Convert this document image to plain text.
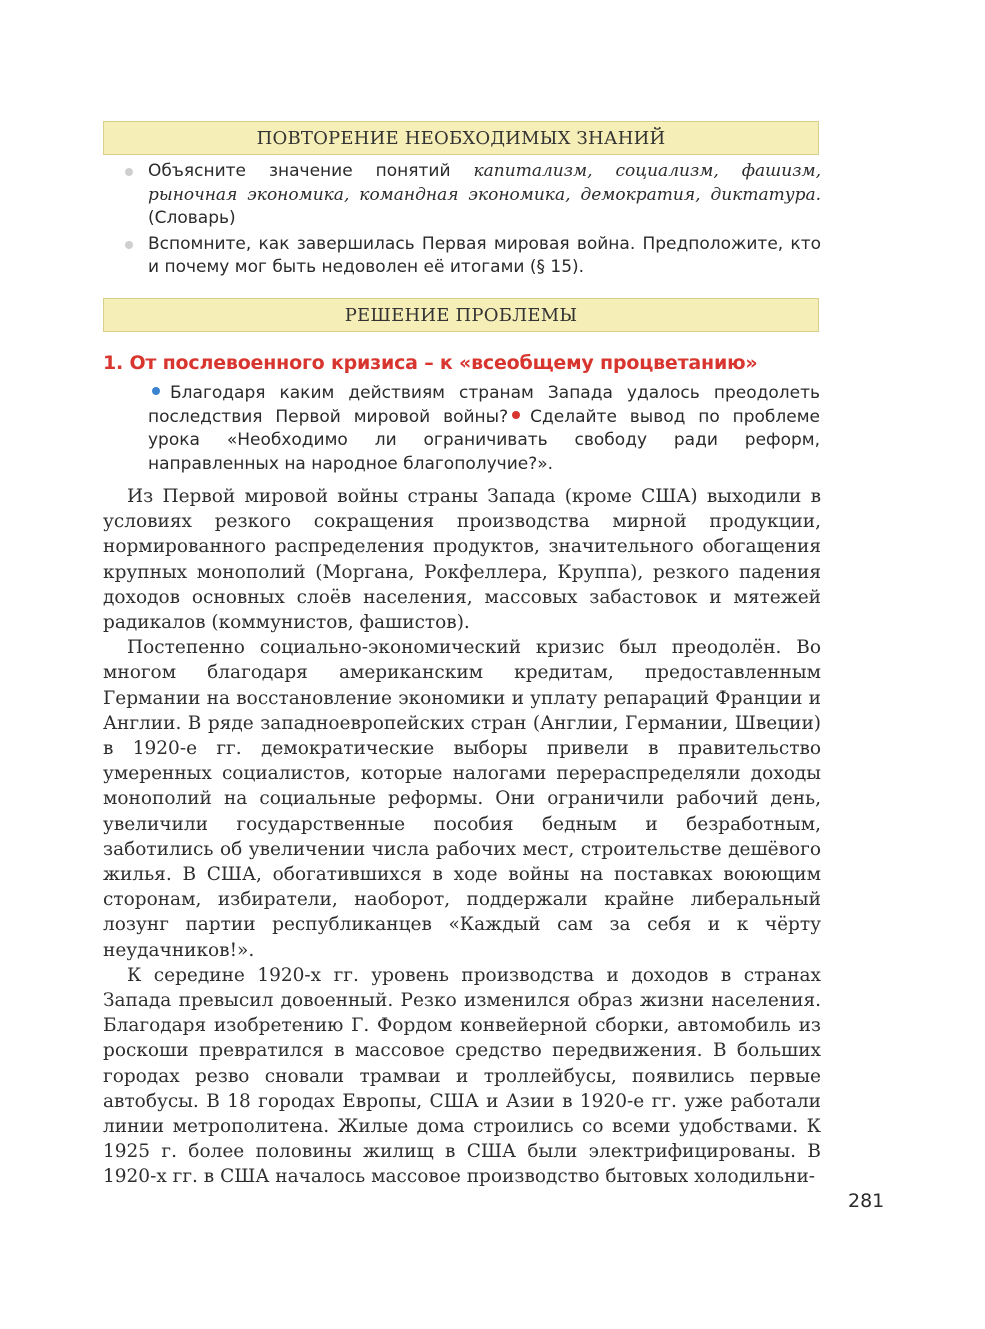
ПОВТОРЕНИЕ НЕОБХОДИМЫХ ЗНАНИЙ
Объясните значение понятий капитализм, социализм, фашизм, рыночная экономика, командная экономика, демократия, диктатура. (Словарь)
Вспомните, как завершилась Первая мировая война. Предположите, кто и почему мог быть недоволен её итогами (§ 15).
РЕШЕНИЕ ПРОБЛЕМЫ
1. От послевоенного кризиса – к «всеобщему процветанию»

Благодаря каким действиям странам Запада удалось преодолеть последствия Первой мировой войны? Сделайте вывод по проблеме урока «Необходимо ли ограничивать свободу ради реформ, направленных на народное благополучие?».

Из Первой мировой войны страны Запада (кроме США) выходили в условиях резкого сокращения производства мирной продукции, нормированного распределения продуктов, значительного обогащения крупных монополий (Моргана, Рокфеллера, Круппа), резкого падения доходов основных слоёв населения, массовых забастовок и мятежей радикалов (коммунистов, фашистов).

Постепенно социально-экономический кризис был преодолён. Во многом благодаря американским кредитам, предоставленным Германии на восстановление экономики и уплату репараций Франции и Англии. В ряде западноевропейских стран (Англии, Германии, Швеции) в 1920-е гг. демократические выборы привели в правительство умеренных социалистов, которые налогами перераспределяли доходы монополий на социальные реформы. Они ограничили рабочий день, увеличили государственные пособия бедным и безработным, заботились об увеличении числа рабочих мест, строительстве дешёвого жилья. В США, обогатившихся в ходе войны на поставках воюющим сторонам, избиратели, наоборот, поддержали крайне либеральный лозунг партии республиканцев «Каждый сам за себя и к чёрту неудачников!».

К середине 1920-х гг. уровень производства и доходов в странах Запада превысил довоенный. Резко изменился образ жизни населения. Благодаря изобретению Г. Фордом конвейерной сборки, автомобиль из роскоши превратился в массовое средство передвижения. В больших городах резво сновали трамваи и троллейбусы, появились первые автобусы. В 18 городах Европы, США и Азии в 1920-е гг. уже работали линии метрополитена. Жилые дома строились со всеми удобствами. К 1925 г. более половины жилищ в США были электрифицированы. В 1920-х гг. в США началось массовое производство бытовых холодильни-

281
